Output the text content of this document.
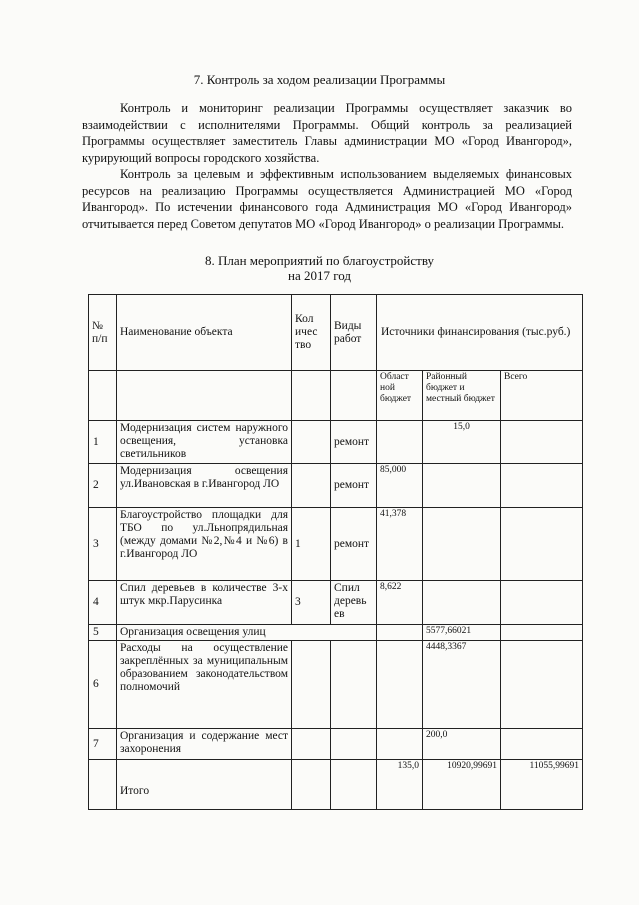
7. Контроль за ходом реализации Программы
Контроль и мониторинг реализации Программы осуществляет заказчик во взаимодействии с исполнителями Программы. Общий контроль за реализацией Программы осуществляет заместитель Главы администрации МО «Город Ивангород», курирующий вопросы городского хозяйства.
Контроль за целевым и эффективным использованием выделяемых финансовых ресурсов на реализацию Программы осуществляется Администрацией МО «Город Ивангород». По истечении финансового года Администрация МО «Город Ивангород» отчитывается перед Советом депутатов МО «Город Ивангород» о реализации Программы.
8. План мероприятий по благоустройству
на 2017 год
№ п/п	Наименование объекта	Кол ичес тво	Виды работ	Источники финансирования (тыс.руб.)		
				Област ной бюджет	Районный бюджет и местный бюджет	Всего
1	Модернизация систем наружного освещения, установка светильников		ремонт		15,0	
2	Модернизация освещения ул.Ивановская в г.Ивангород ЛО		ремонт	85,000		
3	Благоустройство площадки для ТБО по ул.Льнопрядильная (между домами №2,№4 и №6) в г.Ивангород ЛО	1	ремонт	41,378		
4	Спил деревьев в количестве 3-х штук мкр.Парусинка	3	Спил деревь ев	8,622		
5	Организация освещения улиц				5577,66021	
6	Расходы на осуществление закреплённых за муниципальным образованием законодательством полномочий				4448,3367	
7	Организация и содержание мест захоронения				200,0	
	Итого			135,0	10920,99691	11055,99691
